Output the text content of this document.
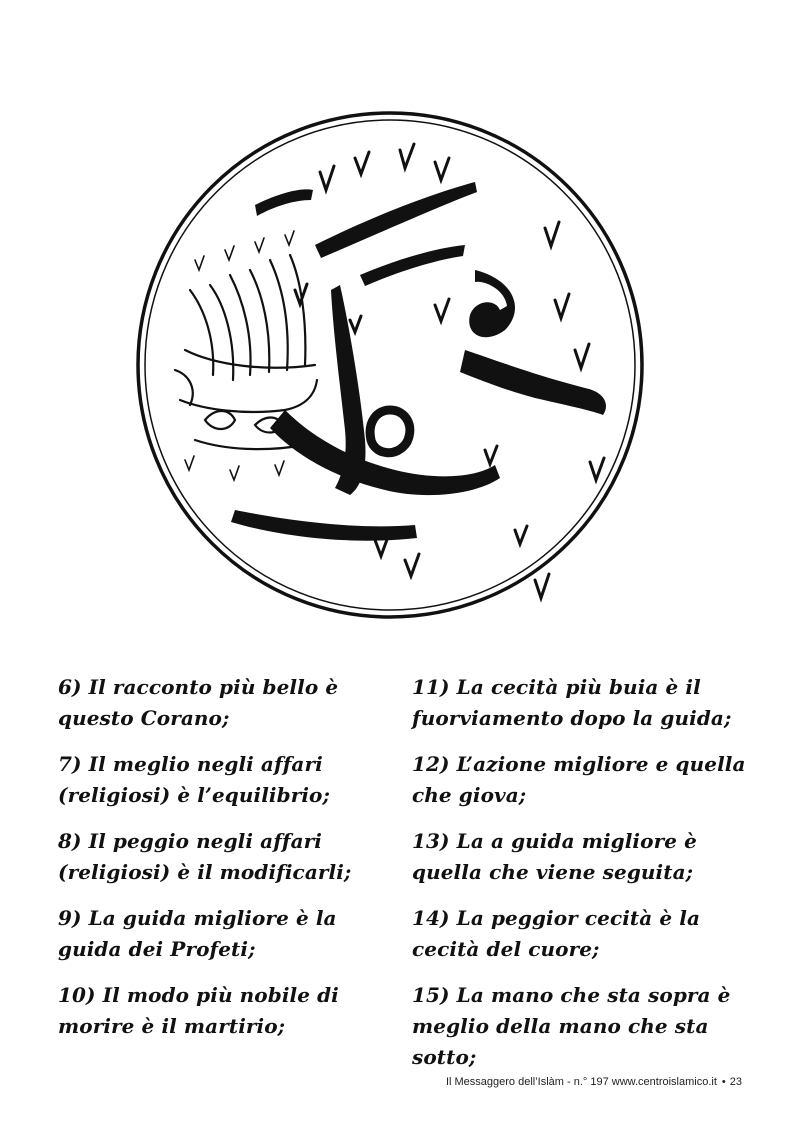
6) Il racconto più bello è questo Corano;

7) Il meglio negli affari (religiosi) è l’equilibrio;

8) Il peggio negli affari (religiosi) è il modificarli;

9) La guida migliore è la guida dei Profeti;

10) Il modo più nobile di morire è il martirio;

11) La cecità più buia è il fuorviamento dopo la guida;

12) L’azione migliore e quella che giova;

13) La a guida migliore è quella che viene seguita;

14) La peggior cecità è la cecità del cuore;

15) La mano che sta sopra è meglio della mano che sta sotto;

Il Messaggero dell’Islàm - n.° 197 www.centroislamico.it • 23
